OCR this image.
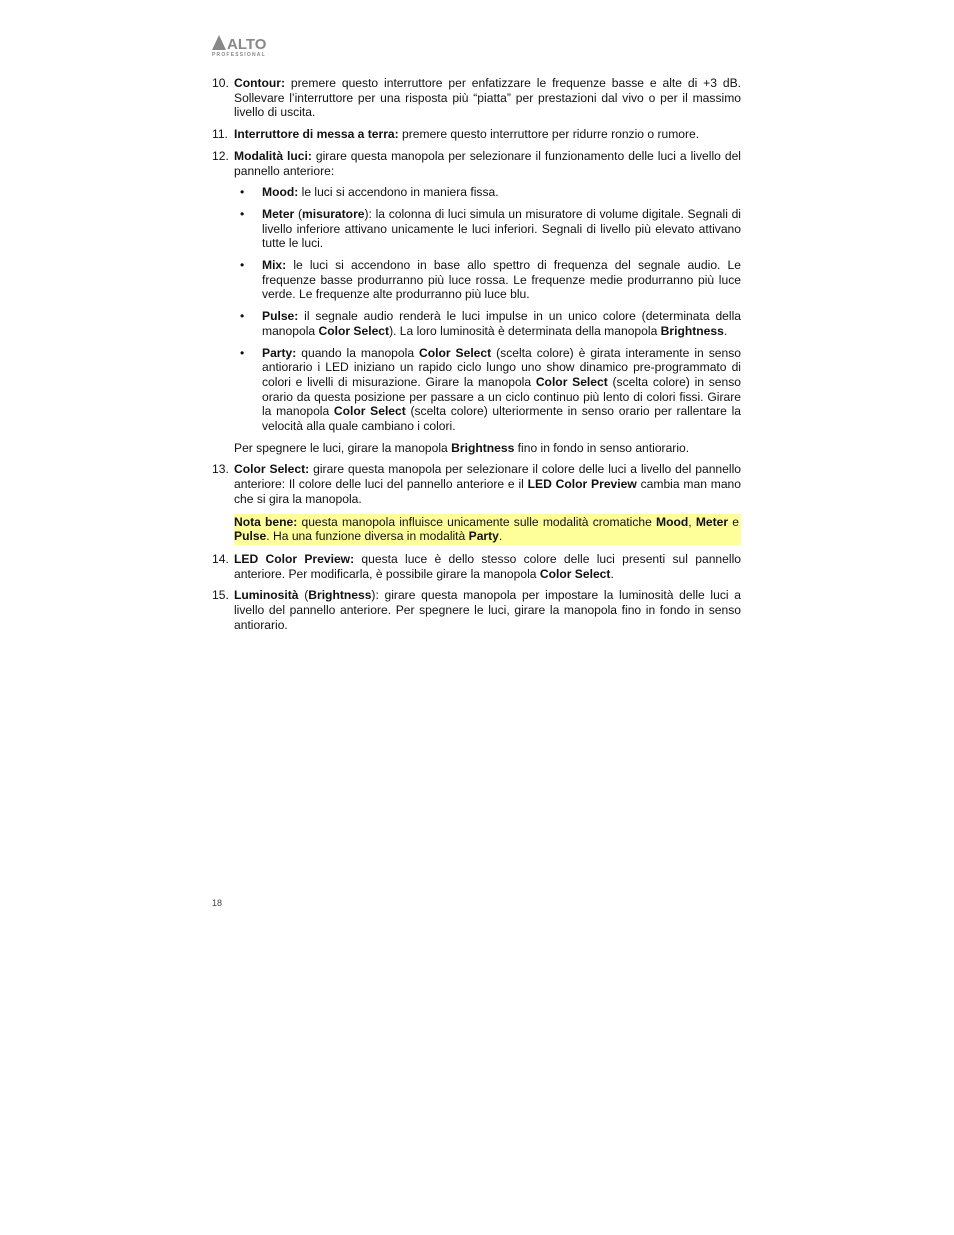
ALTO
PROFESSIONAL
10. Contour: premere questo interruttore per enfatizzare le frequenze basse e alte di +3 dB. Sollevare l’interruttore per una risposta più “piatta” per prestazioni dal vivo o per il massimo livello di uscita.
11. Interruttore di messa a terra: premere questo interruttore per ridurre ronzio o rumore.
12. Modalità luci: girare questa manopola per selezionare il funzionamento delle luci a livello del pannello anteriore:
• Mood: le luci si accendono in maniera fissa.
• Meter (misuratore): la colonna di luci simula un misuratore di volume digitale. Segnali di livello inferiore attivano unicamente le luci inferiori. Segnali di livello più elevato attivano tutte le luci.
• Mix: le luci si accendono in base allo spettro di frequenza del segnale audio. Le frequenze basse produrranno più luce rossa. Le frequenze medie produrranno più luce verde. Le frequenze alte produrranno più luce blu.
• Pulse: il segnale audio renderà le luci impulse in un unico colore (determinata della manopola Color Select). La loro luminosità è determinata della manopola Brightness.
• Party: quando la manopola Color Select (scelta colore) è girata interamente in senso antiorario i LED iniziano un rapido ciclo lungo uno show dinamico pre-programmato di colori e livelli di misurazione. Girare la manopola Color Select (scelta colore) in senso orario da questa posizione per passare a un ciclo continuo più lento di colori fissi. Girare la manopola Color Select (scelta colore) ulteriormente in senso orario per rallentare la velocità alla quale cambiano i colori.

Per spegnere le luci, girare la manopola Brightness fino in fondo in senso antiorario.

13. Color Select: girare questa manopola per selezionare il colore delle luci a livello del pannello anteriore: Il colore delle luci del pannello anteriore e il LED Color Preview cambia man mano che si gira la manopola.

Nota bene: questa manopola influisce unicamente sulle modalità cromatiche Mood, Meter e Pulse. Ha una funzione diversa in modalità Party.

14. LED Color Preview: questa luce è dello stesso colore delle luci presenti sul pannello anteriore. Per modificarla, è possibile girare la manopola Color Select.
15. Luminosità (Brightness): girare questa manopola per impostare la luminosità delle luci a livello del pannello anteriore. Per spegnere le luci, girare la manopola fino in fondo in senso antiorario.
18
